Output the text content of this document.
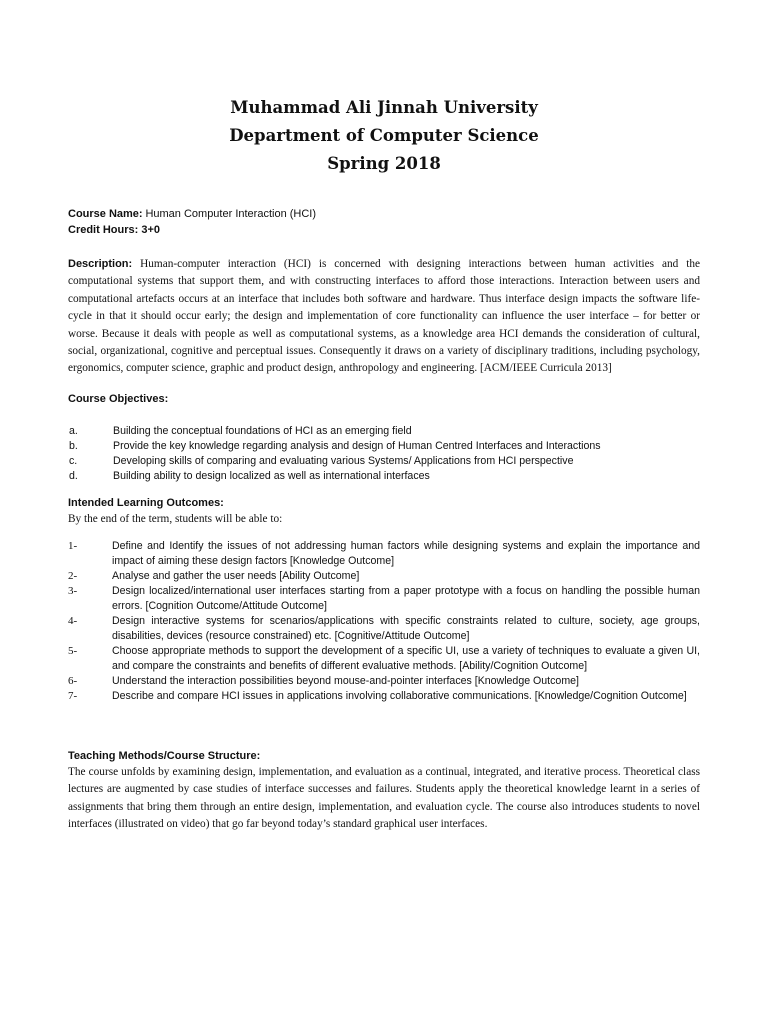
Muhammad Ali Jinnah University
Department of Computer Science
Spring 2018
Course Name: Human Computer Interaction (HCI)
Credit Hours: 3+0

Description: Human-computer interaction (HCI) is concerned with designing interactions between human activities and the computational systems that support them, and with constructing interfaces to afford those interactions. Interaction between users and computational artefacts occurs at an interface that includes both software and hardware. Thus interface design impacts the software life-cycle in that it should occur early; the design and implementation of core functionality can influence the user interface – for better or worse. Because it deals with people as well as computational systems, as a knowledge area HCI demands the consideration of cultural, social, organizational, cognitive and perceptual issues. Consequently it draws on a variety of disciplinary traditions, including psychology, ergonomics, computer science, graphic and product design, anthropology and engineering. [ACM/IEEE Curricula 2013]

Course Objectives:
a.	Building the conceptual foundations of HCI as an emerging field
b.	Provide the key knowledge regarding analysis and design of Human Centred Interfaces and Interactions
c.	Developing skills of comparing and evaluating various Systems/ Applications from HCI perspective
d.	Building ability to design localized as well as international interfaces
Intended Learning Outcomes:

By the end of the term, students will be able to:

1-	Define and Identify the issues of not addressing human factors while designing systems and explain the importance and impact of aiming these design factors [Knowledge Outcome]
2-	Analyse and gather the user needs [Ability Outcome]
3-	Design localized/international user interfaces starting from a paper prototype with a focus on handling the possible human errors. [Cognition Outcome/Attitude Outcome]
4-	Design interactive systems for scenarios/applications with specific constraints related to culture, society, age groups, disabilities, devices (resource constrained) etc. [Cognitive/Attitude Outcome]
5-	Choose appropriate methods to support the development of a specific UI, use a variety of techniques to evaluate a given UI, and compare the constraints and benefits of different evaluative methods. [Ability/Cognition Outcome]
6-	Understand the interaction possibilities beyond mouse-and-pointer interfaces [Knowledge Outcome]
7-	Describe and compare HCI issues in applications involving collaborative communications. [Knowledge/Cognition Outcome]
Teaching Methods/Course Structure:

The course unfolds by examining design, implementation, and evaluation as a continual, integrated, and iterative process. Theoretical class lectures are augmented by case studies of interface successes and failures. Students apply the theoretical knowledge learnt in a series of assignments that bring them through an entire design, implementation, and evaluation cycle. The course also introduces students to novel interfaces (illustrated on video) that go far beyond today’s standard graphical user interfaces.
